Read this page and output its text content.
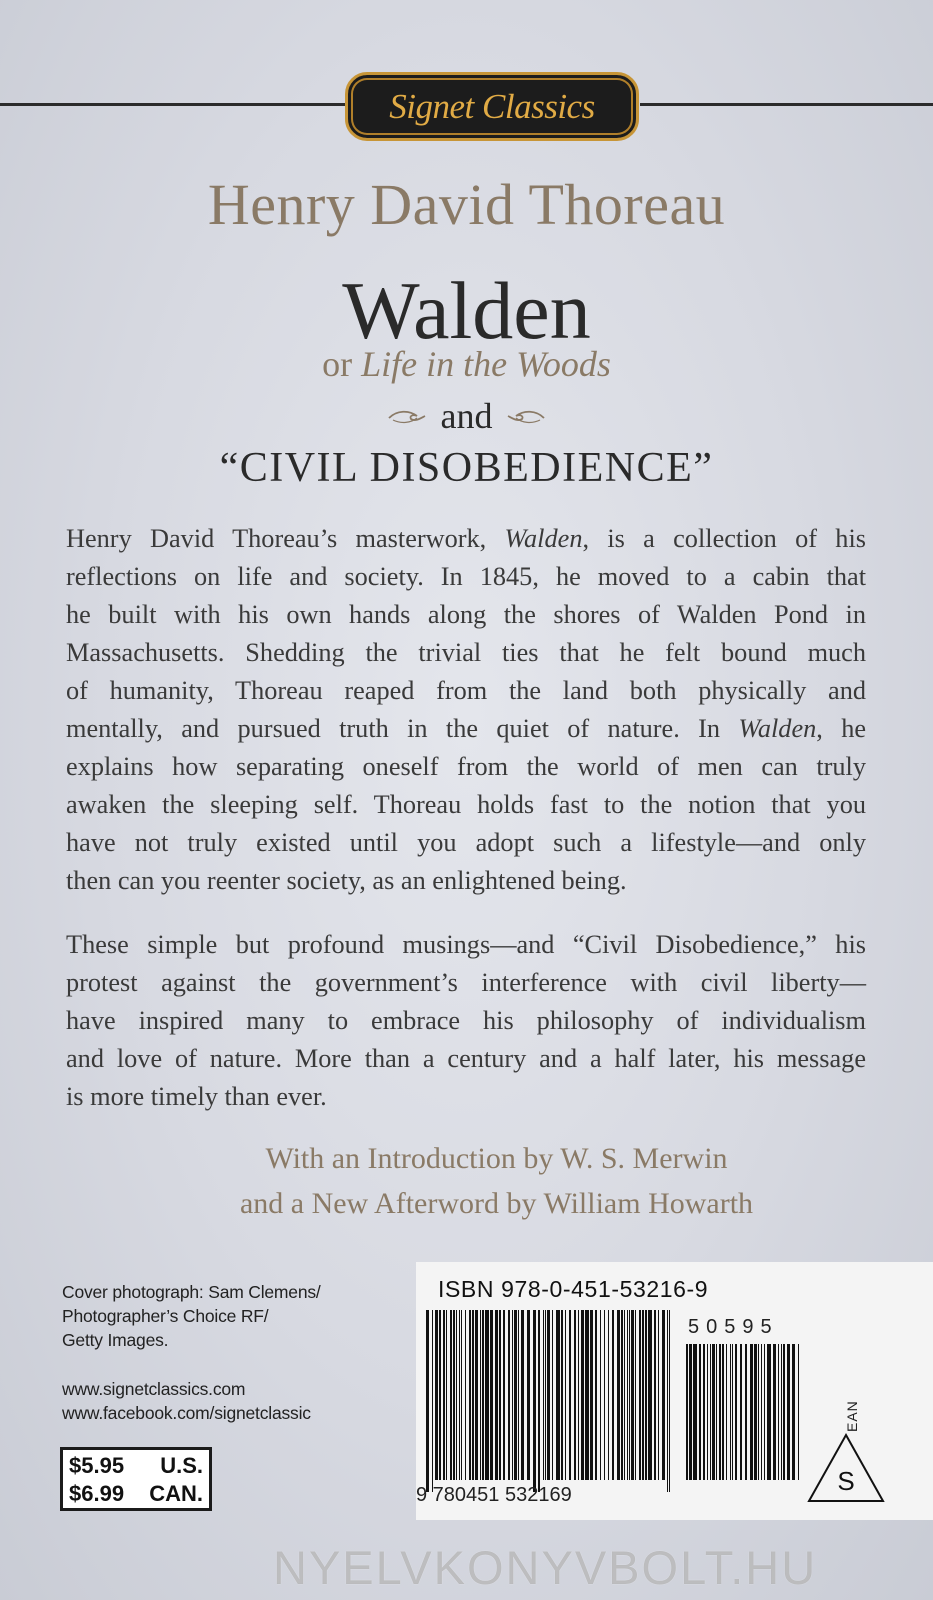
Signet Classics
Henry David Thoreau
Walden
or Life in the Woods
and
“CIVIL DISOBEDIENCE”
Henry David Thoreau’s masterwork, Walden, is a collection of his
reflections on life and society. In 1845, he moved to a cabin that
he built with his own hands along the shores of Walden Pond in
Massachusetts. Shedding the trivial ties that he felt bound much
of humanity, Thoreau reaped from the land both physically and
mentally, and pursued truth in the quiet of nature. In Walden, he
explains how separating oneself from the world of men can truly
awaken the sleeping self. Thoreau holds fast to the notion that you
have not truly existed until you adopt such a lifestyle—and only
then can you reenter society, as an enlightened being.
These simple but profound musings—and “Civil Disobedience,” his
protest against the government’s interference with civil liberty—
have inspired many to embrace his philosophy of individualism
and love of nature. More than a century and a half later, his message
is more timely than ever.
With an Introduction by W. S. Merwin
and a New Afterword by William Howarth
Cover photograph: Sam Clemens/
Photographer’s Choice RF/
Getty Images.
www.signetclassics.com
www.facebook.com/signetclassic
$5.95 U.S.
$6.99 CAN.
ISBN 978-0-451-53216-9
50595
9 780451 532169
EAN
S
NYELVKONYVBOLT.HU
